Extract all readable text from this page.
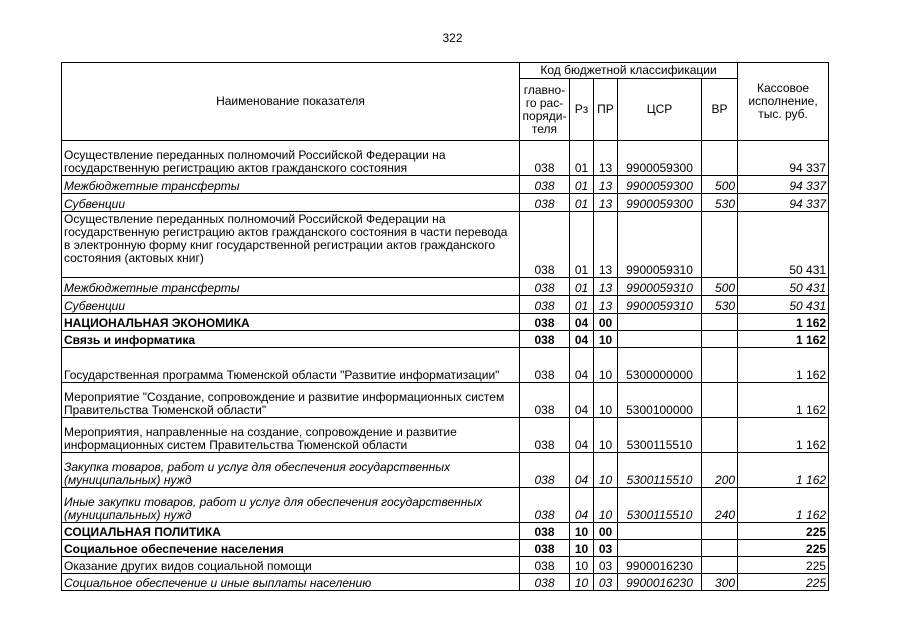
322
Наименование показателя	Код бюджетной классификации					Кассовое исполнение, тыс. руб.
	главно-го рас-поряди-теля	Рз	ПР	ЦСР	ВР	
Осуществление переданных полномочий Российской Федерации на государственную регистрацию актов гражданского состояния	038	01	13	9900059300		94 337
Межбюджетные трансферты	038	01	13	9900059300	500	94 337
Субвенции	038	01	13	9900059300	530	94 337
Осуществление переданных полномочий Российской Федерации на государственную регистрацию актов гражданского состояния в части перевода в электронную форму книг государственной регистрации актов гражданского состояния (актовых книг)	038	01	13	9900059310		50 431
Межбюджетные трансферты	038	01	13	9900059310	500	50 431
Субвенции	038	01	13	9900059310	530	50 431
НАЦИОНАЛЬНАЯ ЭКОНОМИКА	038	04	00			1 162
Связь и информатика	038	04	10			1 162
Государственная программа Тюменской области "Развитие информатизации"	038	04	10	5300000000		1 162
Мероприятие "Создание, сопровождение и развитие информационных систем Правительства Тюменской области"	038	04	10	5300100000		1 162
Мероприятия, направленные на создание, сопровождение и развитие информационных систем Правительства Тюменской области	038	04	10	5300115510		1 162
Закупка товаров, работ и услуг для обеспечения государственных (муниципальных) нужд	038	04	10	5300115510	200	1 162
Иные закупки товаров, работ и услуг для обеспечения государственных (муниципальных) нужд	038	04	10	5300115510	240	1 162
СОЦИАЛЬНАЯ ПОЛИТИКА	038	10	00			225
Социальное обеспечение населения	038	10	03			225
Оказание других видов социальной помощи	038	10	03	9900016230		225
Социальное обеспечение и иные выплаты населению	038	10	03	9900016230	300	225
